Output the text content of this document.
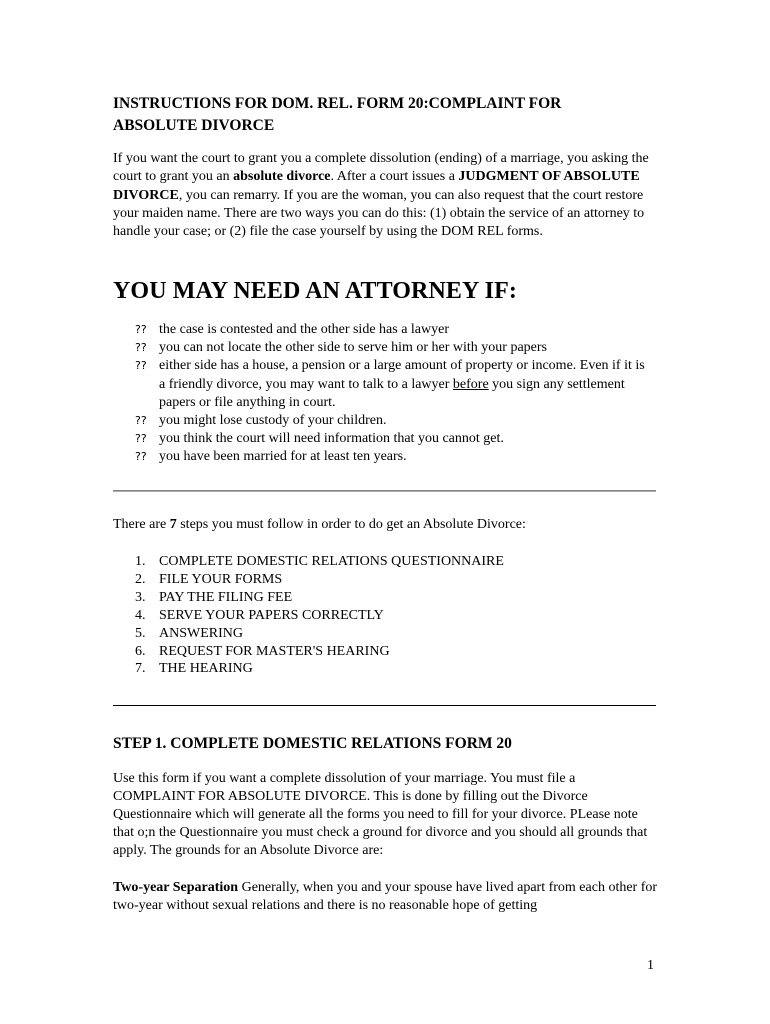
INSTRUCTIONS FOR DOM. REL. FORM 20:COMPLAINT FOR
ABSOLUTE DIVORCE
If you want the court to grant you a complete dissolution (ending) of a marriage, you asking the court to grant you an absolute divorce. After a court issues a JUDGMENT OF ABSOLUTE DIVORCE, you can remarry. If you are the woman, you can also request that the court restore your maiden name. There are two ways you can do this: (1) obtain the service of an attorney to handle your case; or (2) file the case yourself by using the DOM REL forms.
YOU MAY NEED AN ATTORNEY IF:
?? the case is contested and the other side has a lawyer
?? you can not locate the other side to serve him or her with your papers
?? either side has a house, a pension or a large amount of property or income. Even if it is a friendly divorce, you may want to talk to a lawyer before you sign any settlement papers or file anything in court.
?? you might lose custody of your children.
?? you think the court will need information that you cannot get.
?? you have been married for at least ten years.
There are 7 steps you must follow in order to do get an Absolute Divorce:
1. COMPLETE DOMESTIC RELATIONS QUESTIONNAIRE
2. FILE YOUR FORMS
3. PAY THE FILING FEE
4. SERVE YOUR PAPERS CORRECTLY
5. ANSWERING
6. REQUEST FOR MASTER'S HEARING
7. THE HEARING
STEP 1. COMPLETE DOMESTIC RELATIONS FORM 20
Use this form if you want a complete dissolution of your marriage. You must file a COMPLAINT FOR ABSOLUTE DIVORCE. This is done by filling out the Divorce Questionnaire which will generate all the forms you need to fill for your divorce. PLease note that o;n the Questionnaire you must check a ground for divorce and you should all grounds that apply. The grounds for an Absolute Divorce are:
Two-year Separation Generally, when you and your spouse have lived apart from each other for two-year without sexual relations and there is no reasonable hope of getting
1
